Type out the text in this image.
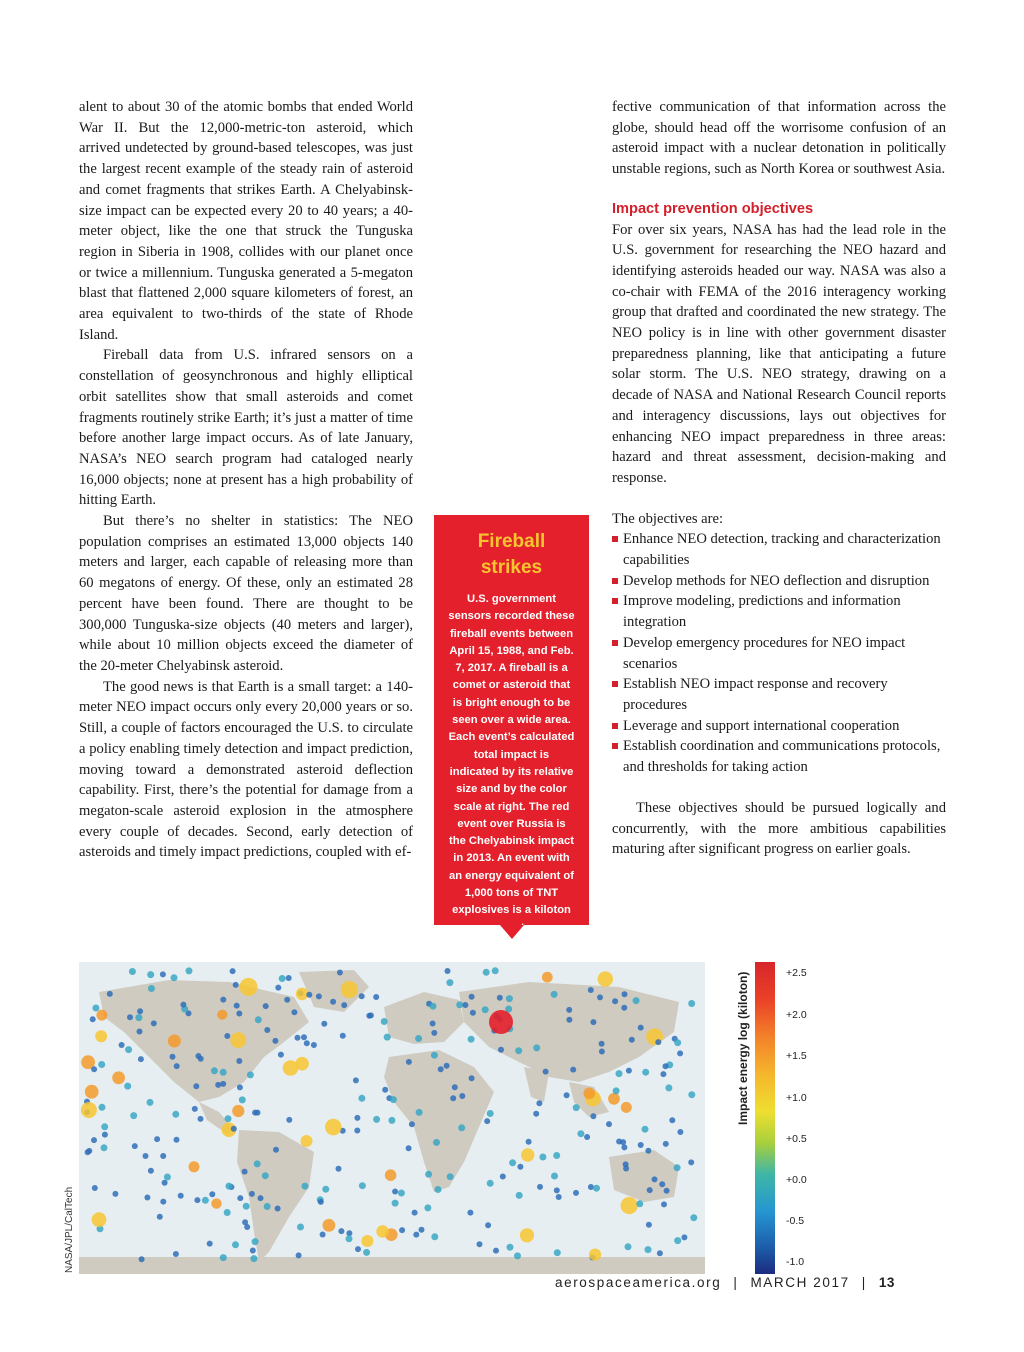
alent to about 30 of the atomic bombs that ended World War II. But the 12,000-metric-ton asteroid, which arrived undetected by ground-based telescopes, was just the largest recent example of the steady rain of asteroid and comet fragments that strikes Earth. A Chelyabinsk-size impact can be expected every 20 to 40 years; a 40-meter object, like the one that struck the Tunguska region in Siberia in 1908, collides with our planet once or twice a millennium. Tunguska generated a 5-megaton blast that flattened 2,000 square kilometers of forest, an area equivalent to two-thirds of the state of Rhode Island.

Fireball data from U.S. infrared sensors on a constellation of geosynchronous and highly elliptical orbit satellites show that small asteroids and comet fragments routinely strike Earth; it’s just a matter of time before another large impact occurs. As of late January, NASA’s NEO search program had cataloged nearly 16,000 objects; none at present has a high probability of hitting Earth.

But there’s no shelter in statistics: The NEO population comprises an estimated 13,000 objects 140 meters and larger, each capable of releasing more than 60 megatons of energy. Of these, only an estimated 28 percent have been found. There are thought to be 300,000 Tunguska-size objects (40 meters and larger), while about 10 million objects exceed the diameter of the 20-meter Chelyabinsk asteroid.

The good news is that Earth is a small target: a 140-meter NEO impact occurs only every 20,000 years or so. Still, a couple of factors encouraged the U.S. to circulate a policy enabling timely detection and impact prediction, moving toward a demonstrated asteroid deflection capability. First, there’s the potential for damage from a megaton-scale asteroid explosion in the atmosphere every couple of decades. Second, early detection of asteroids and timely impact predictions, coupled with ef-

Fireball strikes
U.S. government sensors recorded these fireball events between April 15, 1988, and Feb. 7, 2017. A fireball is a comet or asteroid that is bright enough to be seen over a wide area. Each event’s calculated total impact is indicated by its relative size and by the color scale at right. The red event over Russia is the Chelyabinsk impact in 2013. An event with an energy equivalent of 1,000 tons of TNT explosives is a kiloton event.

fective communication of that information across the globe, should head off the worrisome confusion of an asteroid impact with a nuclear detonation in politically unstable regions, such as North Korea or southwest Asia.

Impact prevention objectives

For over six years, NASA has had the lead role in the U.S. government for researching the NEO hazard and identifying asteroids headed our way. NASA was also a co-chair with FEMA of the 2016 interagency working group that drafted and coordinated the new strategy. The NEO policy is in line with other government disaster preparedness planning, like that anticipating a future solar storm. The U.S. NEO strategy, drawing on a decade of NASA and National Research Council reports and interagency discussions, lays out objectives for enhancing NEO impact preparedness in three areas: hazard and threat assessment, decision-making and response.

The objectives are:

Enhance NEO detection, tracking and characterization capabilities
Develop methods for NEO deflection and disruption
Improve modeling, predictions and information integration
Develop emergency procedures for NEO impact scenarios
Establish NEO impact response and recovery procedures
Leverage and support international cooperation
Establish coordination and communications protocols, and thresholds for taking action

These objectives should be pursued logically and concurrently, with the more ambitious capabilities maturing after significant progress on earlier goals.

NASA/JPL/CalTech
Impact energy log (kiloton)	+2.5
+2.0
+1.5
+1.0
+0.5
+0.0
-0.5
-1.0
aerospaceamerica.org | MARCH 2017 | 13
